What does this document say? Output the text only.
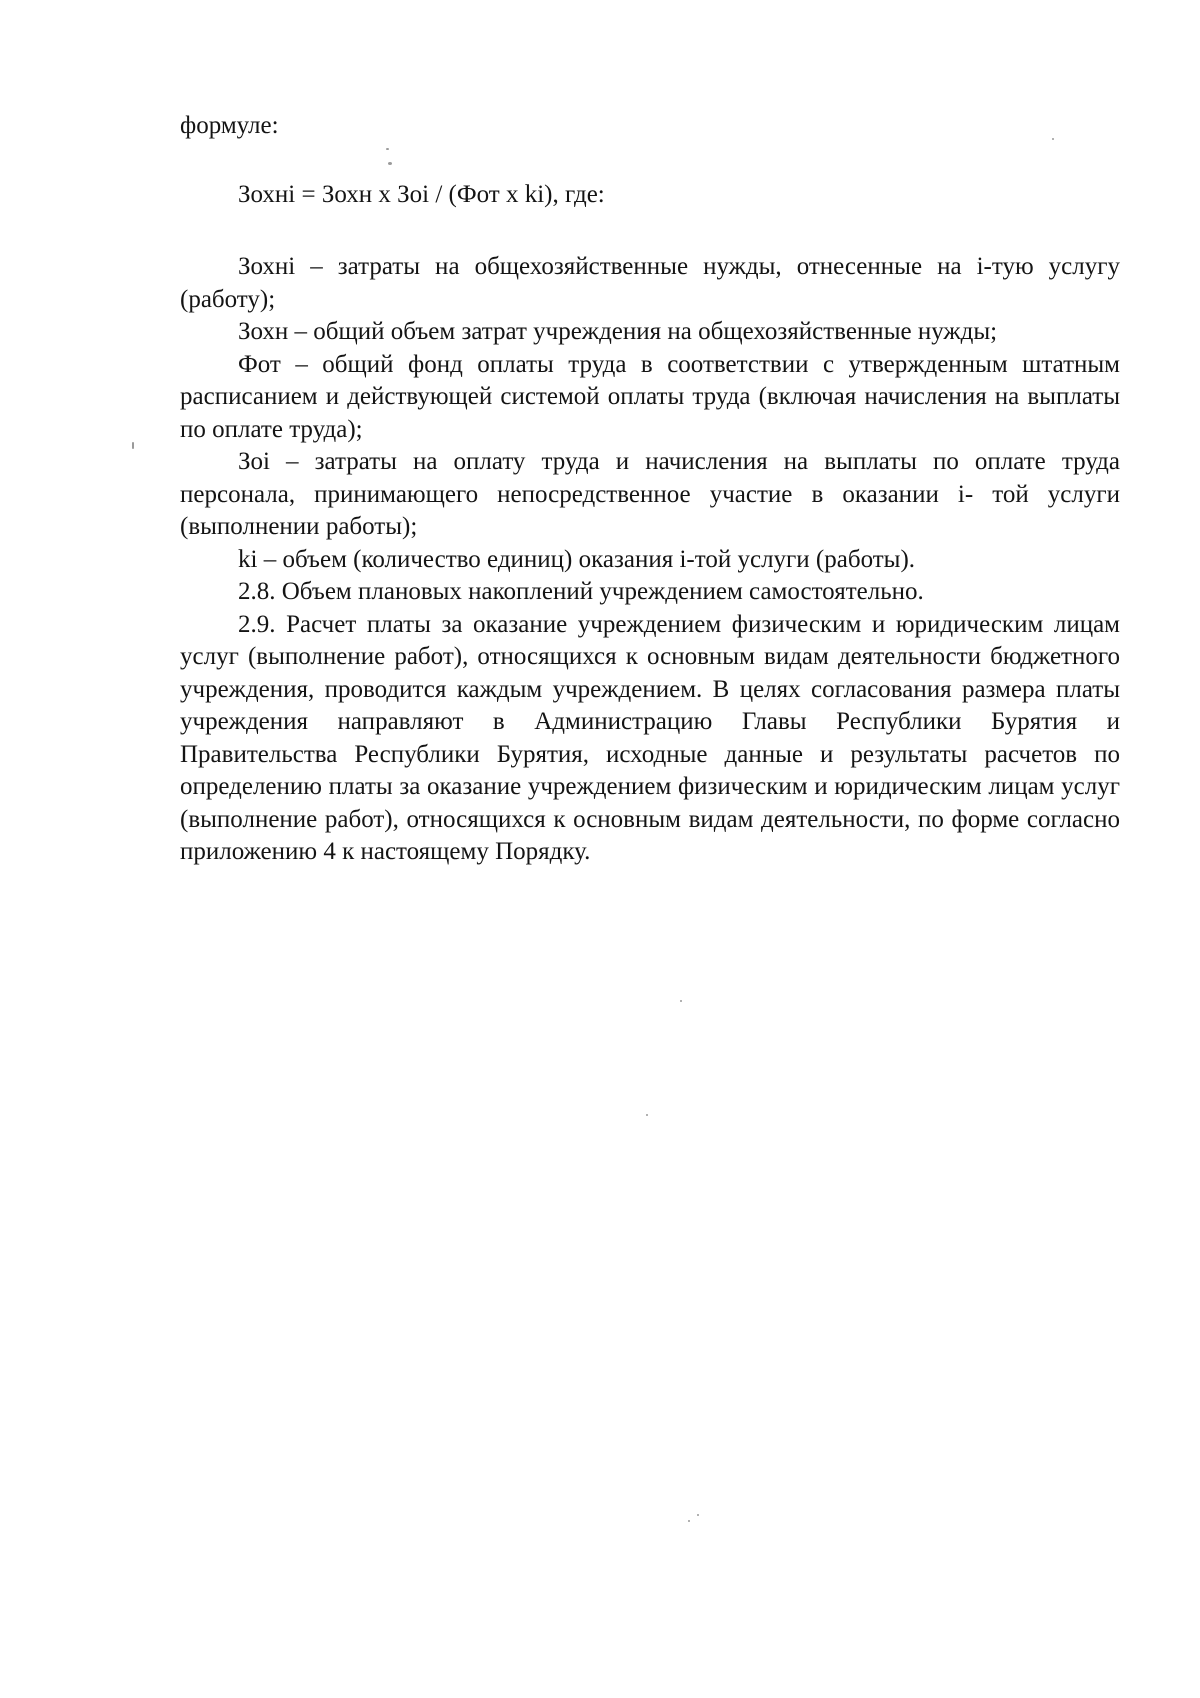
формуле:

Зохнi = Зохн x Зоi / (Фот x ki), где:

Зохнi – затраты на общехозяйственные нужды, отнесенные на i-тую услугу (работу);

Зохн – общий объем затрат учреждения на общехозяйственные нужды;

Фот – общий фонд оплаты труда в соответствии с утвержденным штатным расписанием и действующей системой оплаты труда (включая начисления на выплаты по оплате труда);

Зоi – затраты на оплату труда и начисления на выплаты по оплате труда персонала, принимающего непосредственное участие в оказании i- той услуги (выполнении работы);

ki – объем (количество единиц) оказания i-той услуги (работы).

2.8. Объем плановых накоплений учреждением самостоятельно.

2.9. Расчет платы за оказание учреждением физическим и юридическим лицам услуг (выполнение работ), относящихся к основным видам деятельности бюджетного учреждения, проводится каждым учреждением. В целях согласования размера платы учреждения направляют в Администрацию Главы Республики Бурятия и Правительства Республики Бурятия, исходные данные и результаты расчетов по определению платы за оказание учреждением физическим и юридическим лицам услуг (выполнение работ), относящихся к основным видам деятельности, по форме согласно приложению 4 к настоящему Порядку.
